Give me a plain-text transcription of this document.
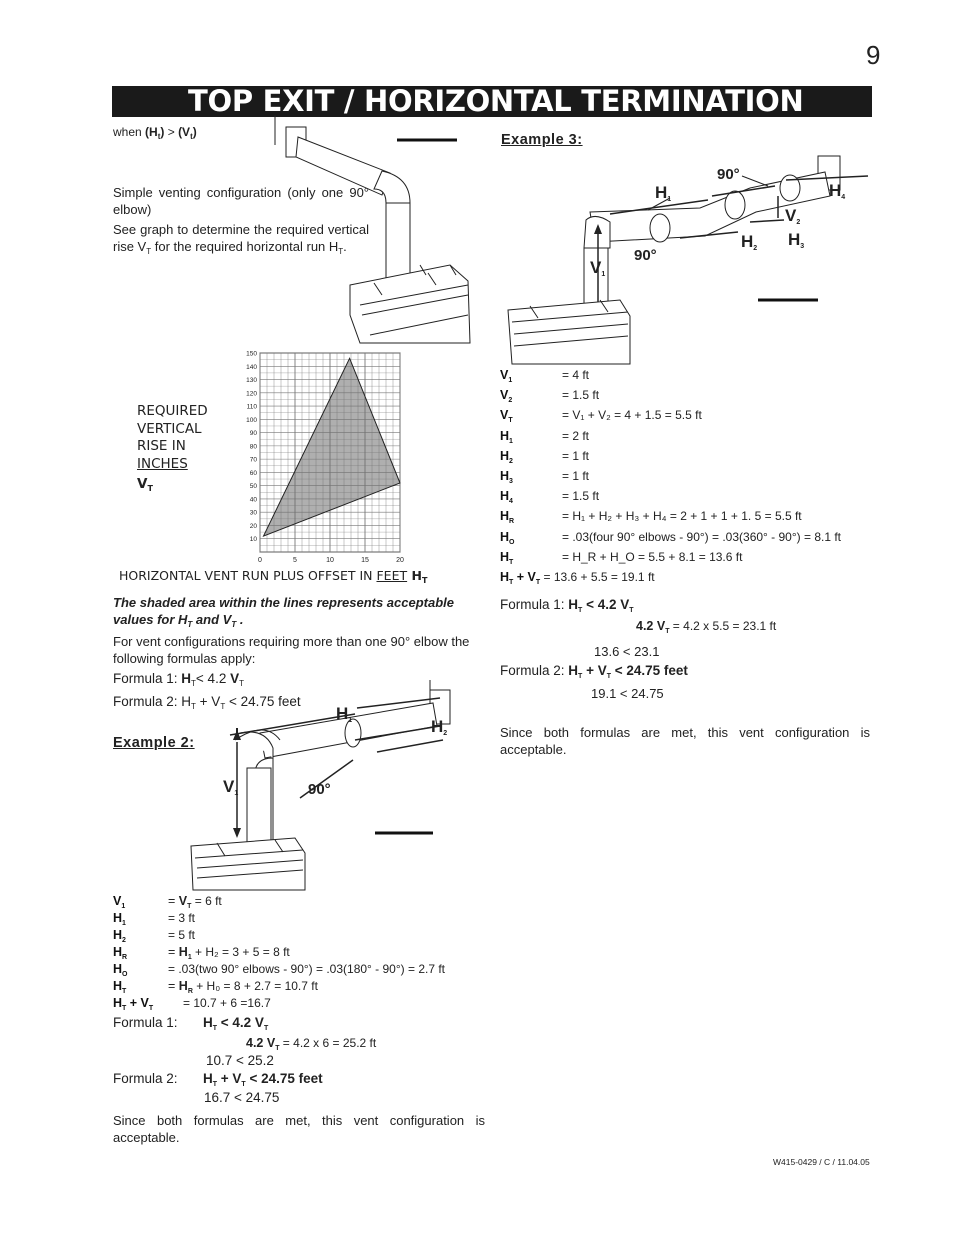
9
TOP EXIT / HORIZONTAL TERMINATION
when $(H_t) > (V_t)$
Simple venting configuration (only one 90° elbow)
See graph to determine the required vertical rise $V_T$ for the required horizontal run $H_T$.
REQUIRED
VERTICAL
RISE IN
INCHES
$V_T$
0	5	10	15	20
10
20
30
40
50
60
70
80
90
100
110
120
130
140
150
HORIZONTAL VENT RUN PLUS OFFSET IN FEET $H_T$
The shaded area within the lines represents acceptable values for $H_T$ and $V_T$ .
For vent configurations requiring more than one 90° elbow the following formulas apply:
Formula 1: $H_T< 4.2$ $V_T$
Formula 2: $H_T + V_T < 24.75$ feet
Example 2:
H1	H2
V1	90°
$V_1$	= $V_T = 6$ ft
$H_1$	= 3 ft
$H_2$	= 5 ft
$H_R$	= $H_1 + H_2 = 3 + 5 = 8$ ft
$H_O$	= .03(two 90° elbows - 90°) = .03(180° - 90°) = 2.7 ft
$H_T$	= $H_R + H_0 = 8 + 2.7 = 10.7$ ft
$H_T + V_T = 10.7 + 6 =16.7$
Formula 1: $H_T < 4.2$ $V_T$
4.2 $V_T = 4.2$ x 6 = 25.2 ft
10.7 < 25.2
Formula 2: $H_T + V_T < 24.75$ feet
16.7 < 24.75
Since both formulas are met, this vent configuration is acceptable.
Example 3:
H1
90°
H4
V2
H2 H3
90°
V1
$V_1$	= 4 ft
$V_2$	= 1.5 ft
$V_T$	= V₁ + V₂ = 4 + 1.5 = 5.5 ft
$H_1$	= 2 ft
$H_2$	= 1 ft
$H_3$	= 1 ft
$H_4$	= 1.5 ft
$H_R$	= H₁ + H₂ + H₃ + H₄ = 2 + 1 + 1 + 1. 5 = 5.5 ft
$H_O$	= .03(four 90° elbows - 90°) = .03(360° - 90°) = 8.1 ft
$H_T$	= H_R + H_O = 5.5 + 8.1 = 13.6 ft
$H_T + V_T = 13.6 + 5.5 = 19.1$ ft
Formula 1: $H_T < 4.2$ $V_T$
4.2 $V_T = 4.2$ x 5.5 = 23.1 ft
13.6 < 23.1
Formula 2: $H_T + V_T < 24.75$ feet
19.1 < 24.75
Since both formulas are met, this vent configuration is acceptable.
W415-0429 / C / 11.04.05
